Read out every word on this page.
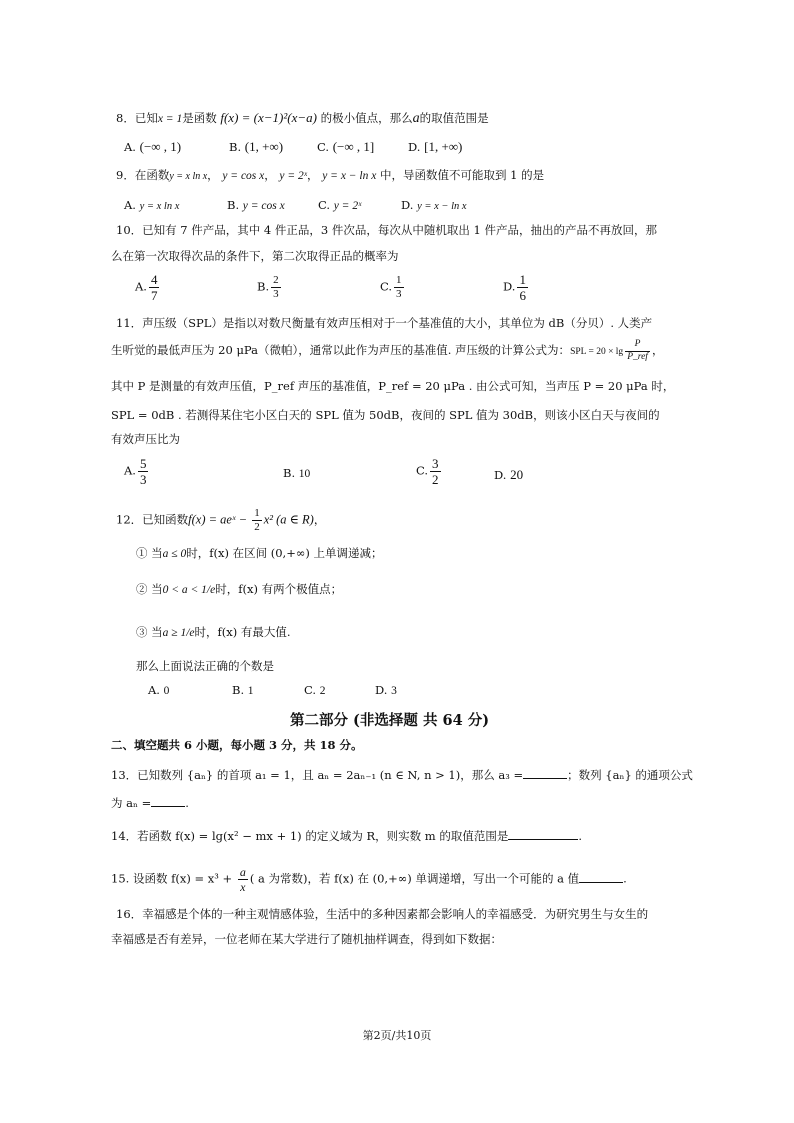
8．已知x = 1是函数 f(x) = (x−1)²(x−a) 的极小值点，那么a的取值范围是
A. (−∞ , 1)	B. (1, +∞)	C. (−∞ , 1]	D. [1, +∞)
9．在函数y = x ln x， y = cos x， y = 2ˣ， y = x − ln x 中，导函数值不可能取到 1 的是
A. y = x ln x	B. y = cos x	C. y = 2ˣ	D. y = x − ln x
10．已知有 7 件产品，其中 4 件正品，3 件次品，每次从中随机取出 1 件产品，抽出的产品不再放回，那
么在第一次取得次品的条件下，第二次取得正品的概率为
A. $\frac{4}{7}$	B. $\frac{2}{3}$	C. $\frac{1}{3}$	D. $\frac{1}{6}$
11．声压级（SPL）是指以对数尺衡量有效声压相对于一个基准值的大小，其单位为 dB（分贝）. 人类产
生听觉的最低声压为 20 μPa（微帕），通常以此作为声压的基准值. 声压级的计算公式为：SPL = $20 \times \lg \frac{P}{\text{P\_ref}}$ ，
其中 P 是测量的有效声压值，P_ref 声压的基准值，P_ref = 20 μPa . 由公式可知，当声压 P = 20 μPa 时，
SPL = 0dB . 若测得某住宅小区白天的 SPL 值为 50dB，夜间的 SPL 值为 30dB，则该小区白天与夜间的
有效声压比为
A. $\frac{5}{3}$	B. 10	C. $\frac{3}{2}$	D. 20
12．已知函数f(x) = aeˣ − $\frac{1}{2} x^2$ (a ∈ R)，
① 当a ≤ 0时，f(x) 在区间 (0,+∞) 上单调递减；
② 当0 < a < 1/e时，f(x) 有两个极值点；
③ 当a ≥ 1/e时，f(x) 有最大值.
那么上面说法正确的个数是
A. 0	B. 1	C. 2	D. 3
第二部分 (非选择题 共 64 分)
二、填空题共 6 小题，每小题 3 分，共 18 分。
13．已知数列 {aₙ} 的首项 a₁ = 1，且 aₙ = 2aₙ₋₁ (n ∈ N, n > 1)，那么 a₃ =	；数列 {aₙ} 的通项公式
为 aₙ =	.
14．若函数 f(x) = lg(x² − mx + 1) 的定义域为 R，则实数 m 的取值范围是	.
15. 设函数 $f(x) = x^3 + \frac{a}{x}$ ( a 为常数)，若 f(x) 在 (0,+∞) 单调递增，写出一个可能的 a 值	.
16．幸福感是个体的一种主观情感体验，生活中的多种因素都会影响人的幸福感受．为研究男生与女生的
幸福感是否有差异，一位老师在某大学进行了随机抽样调查，得到如下数据：
第2页/共10页
